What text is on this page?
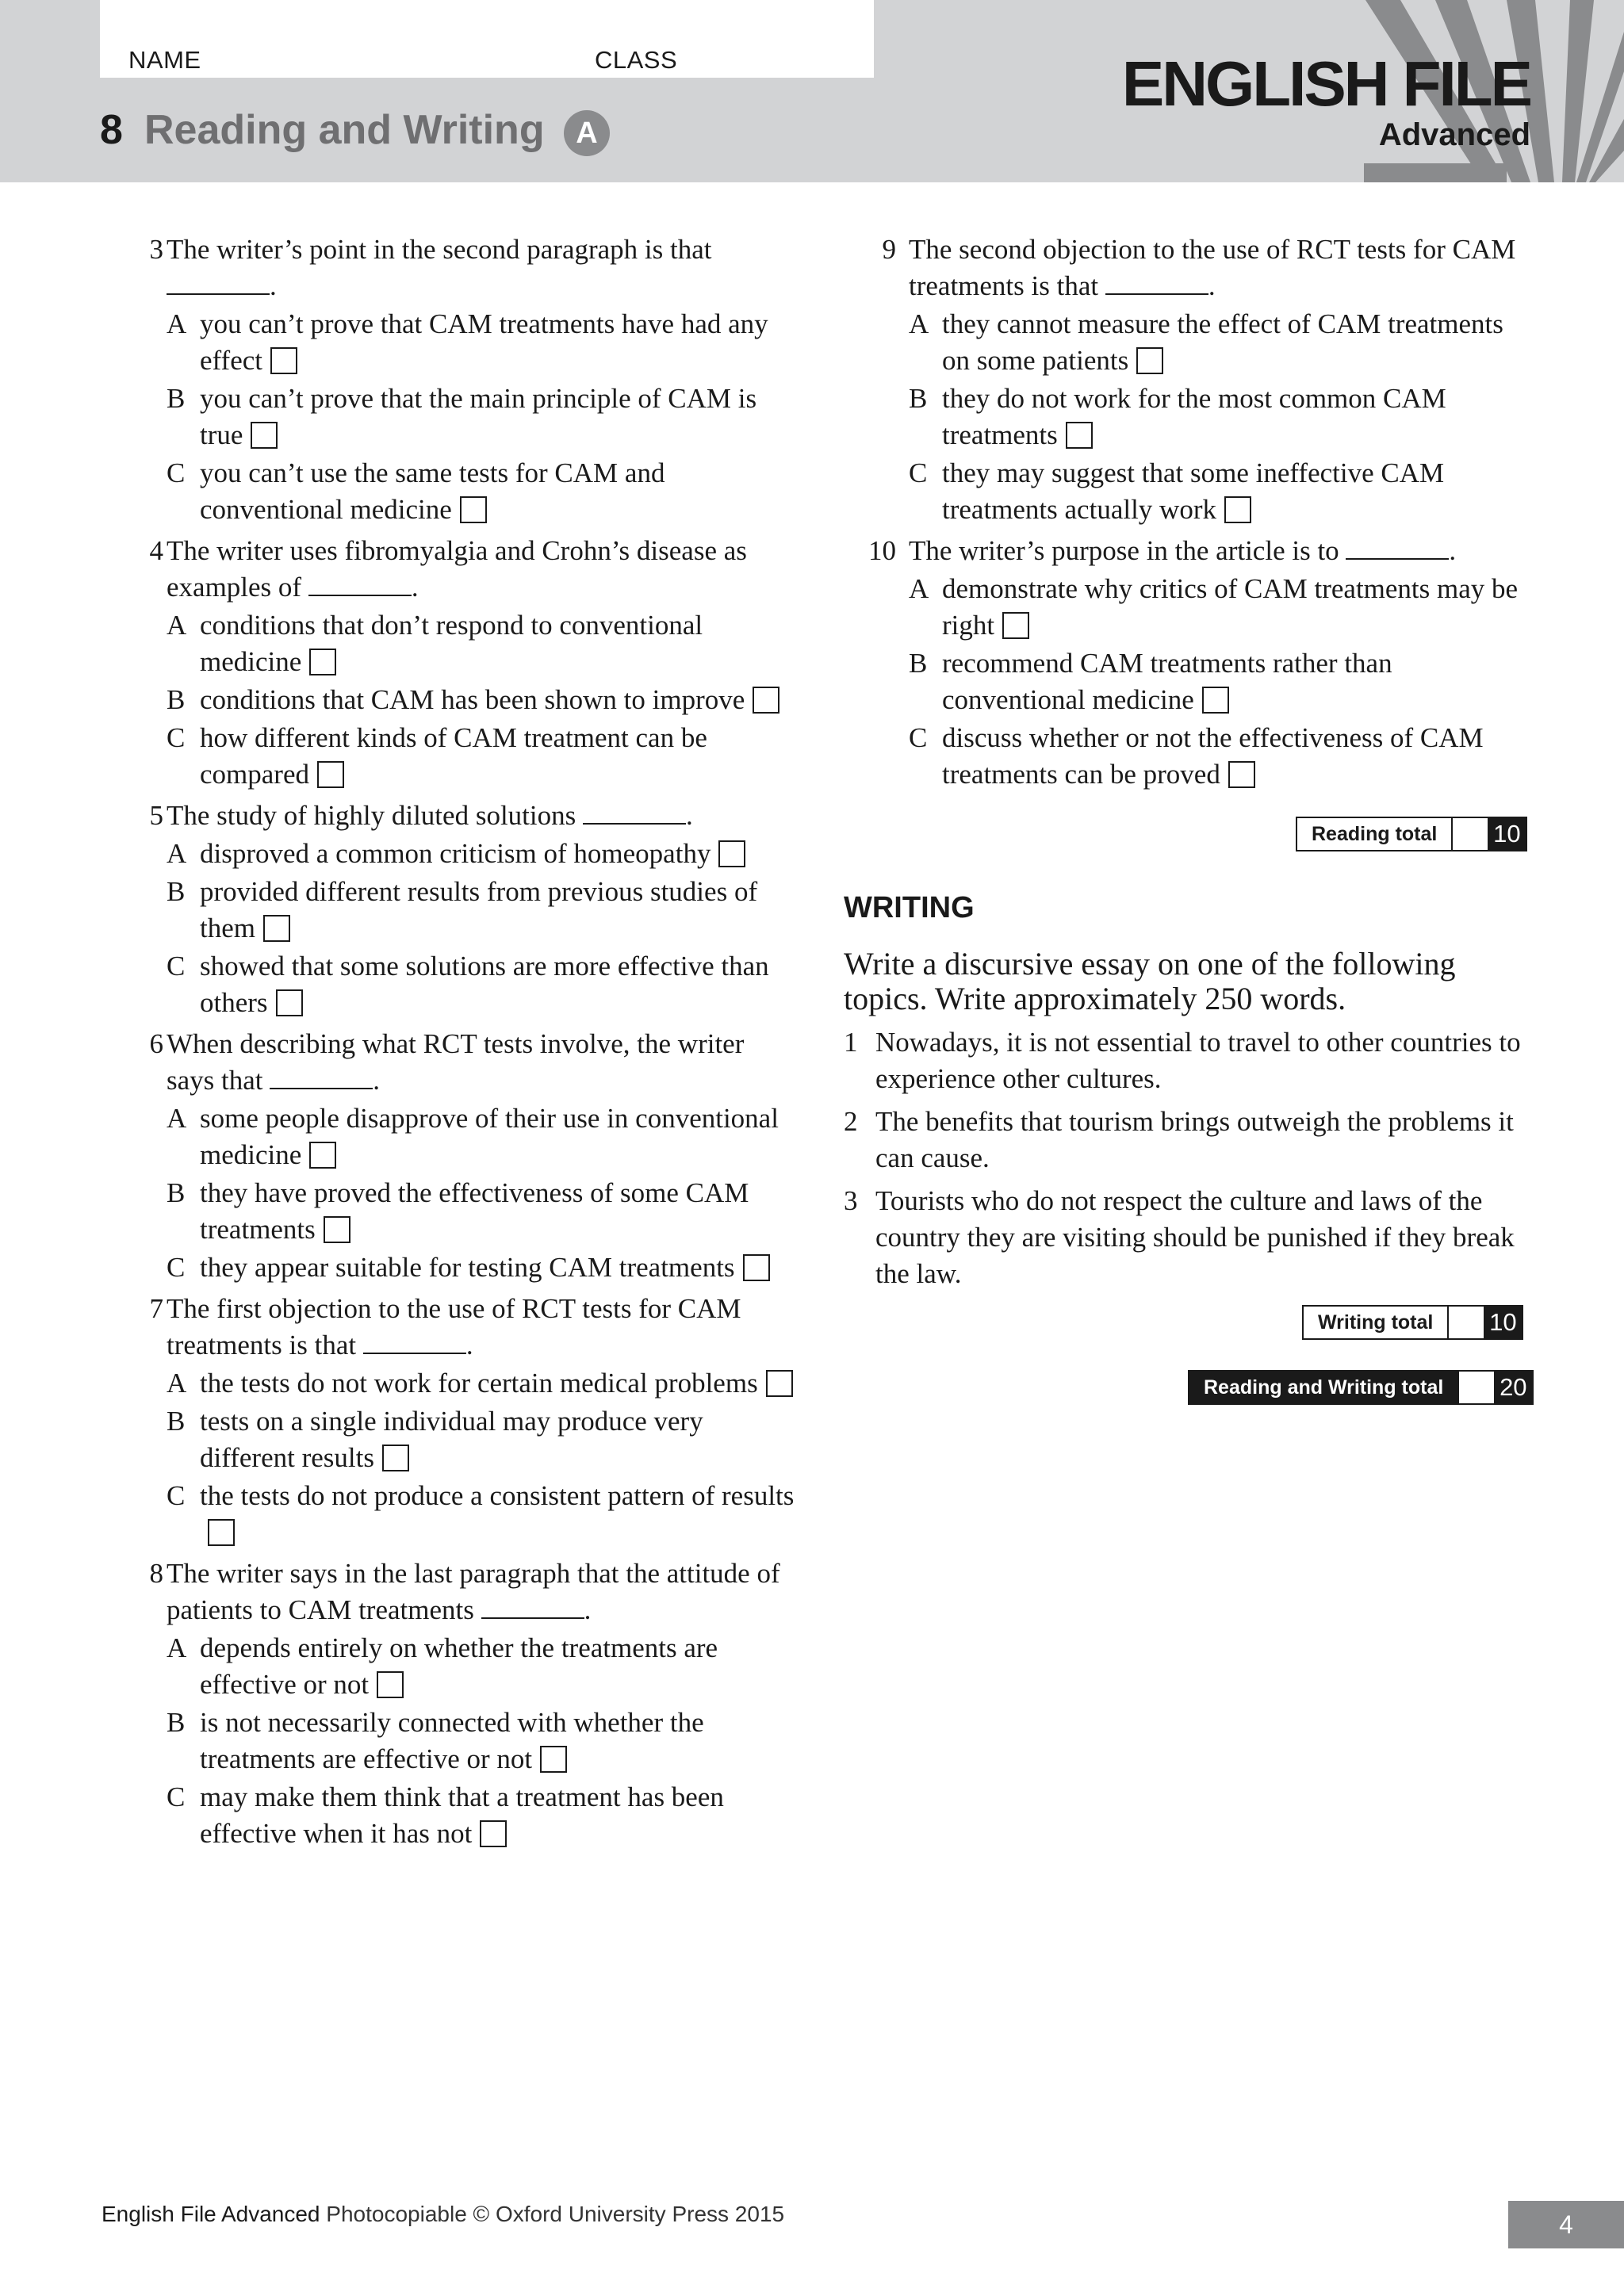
NAME	CLASS
8 Reading and Writing	A
ENGLISH FILE
Advanced
3 The writer’s point in the second paragraph is that
.
A you can’t prove that CAM treatments have had any effect
B you can’t prove that the main principle of CAM is true
C you can’t use the same tests for CAM and conventional medicine
4 The writer uses fibromyalgia and Crohn’s disease as examples of	.
A conditions that don’t respond to conventional medicine
B conditions that CAM has been shown to improve
C how different kinds of CAM treatment can be compared
5 The study of highly diluted solutions	.
A disproved a common criticism of homeopathy
B provided different results from previous studies of them
C showed that some solutions are more effective than others
6 When describing what RCT tests involve, the writer says that	.
A some people disapprove of their use in conventional medicine
B they have proved the effectiveness of some CAM treatments
C they appear suitable for testing CAM treatments
7 The first objection to the use of RCT tests for CAM treatments is that	.
A the tests do not work for certain medical problems
B tests on a single individual may produce very different results
C the tests do not produce a consistent pattern of results
8 The writer says in the last paragraph that the attitude of patients to CAM treatments	.
A depends entirely on whether the treatments are effective or not
B is not necessarily connected with whether the treatments are effective or not
C may make them think that a treatment has been effective when it has not
9 The second objection to the use of RCT tests for CAM treatments is that	.
A they cannot measure the effect of CAM treatments on some patients
B they do not work for the most common CAM treatments
C they may suggest that some ineffective CAM treatments actually work
10 The writer’s purpose in the article is to	.
A demonstrate why critics of CAM treatments may be right
B recommend CAM treatments rather than conventional medicine
C discuss whether or not the effectiveness of CAM treatments can be proved
Reading total	10
WRITING
Write a discursive essay on one of the following topics. Write approximately 250 words.
1 Nowadays, it is not essential to travel to other countries to experience other cultures.
2 The benefits that tourism brings outweigh the problems it can cause.
3 Tourists who do not respect the culture and laws of the country they are visiting should be punished if they break the law.
Writing total	10
Reading and Writing total	20
English File Advanced Photocopiable © Oxford University Press 2015	4
